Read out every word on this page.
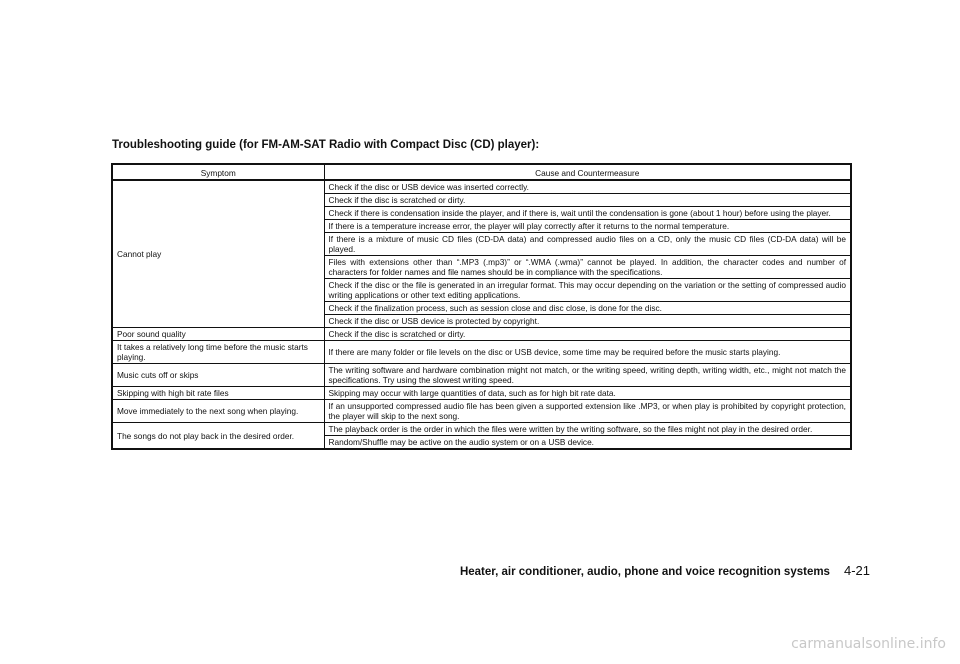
Troubleshooting guide (for FM-AM-SAT Radio with Compact Disc (CD) player):
Symptom	Cause and Countermeasure
Cannot play	Check if the disc or USB device was inserted correctly.
	Check if the disc is scratched or dirty.
	Check if there is condensation inside the player, and if there is, wait until the condensation is gone (about 1 hour) before using the player.
	If there is a temperature increase error, the player will play correctly after it returns to the normal temperature.
	If there is a mixture of music CD files (CD-DA data) and compressed audio files on a CD, only the music CD files (CD-DA data) will be played.
	Files with extensions other than “.MP3 (.mp3)” or “.WMA (.wma)” cannot be played. In addition, the character codes and number of characters for folder names and file names should be in compliance with the specifications.
	Check if the disc or the file is generated in an irregular format. This may occur depending on the variation or the setting of compressed audio writing applications or other text editing applications.
	Check if the finalization process, such as session close and disc close, is done for the disc.
	Check if the disc or USB device is protected by copyright.
Poor sound quality	Check if the disc is scratched or dirty.
It takes a relatively long time before the music starts playing.	If there are many folder or file levels on the disc or USB device, some time may be required before the music starts playing.
Music cuts off or skips	The writing software and hardware combination might not match, or the writing speed, writing depth, writing width, etc., might not match the specifications. Try using the slowest writing speed.
Skipping with high bit rate files	Skipping may occur with large quantities of data, such as for high bit rate data.
Move immediately to the next song when playing.	If an unsupported compressed audio file has been given a supported extension like .MP3, or when play is prohibited by copyright protection, the player will skip to the next song.
The songs do not play back in the desired order.	The playback order is the order in which the files were written by the writing software, so the files might not play in the desired order.
	Random/Shuffle may be active on the audio system or on a USB device.
Heater, air conditioner, audio, phone and voice recognition systems 4-21
carmanualsonline.info
